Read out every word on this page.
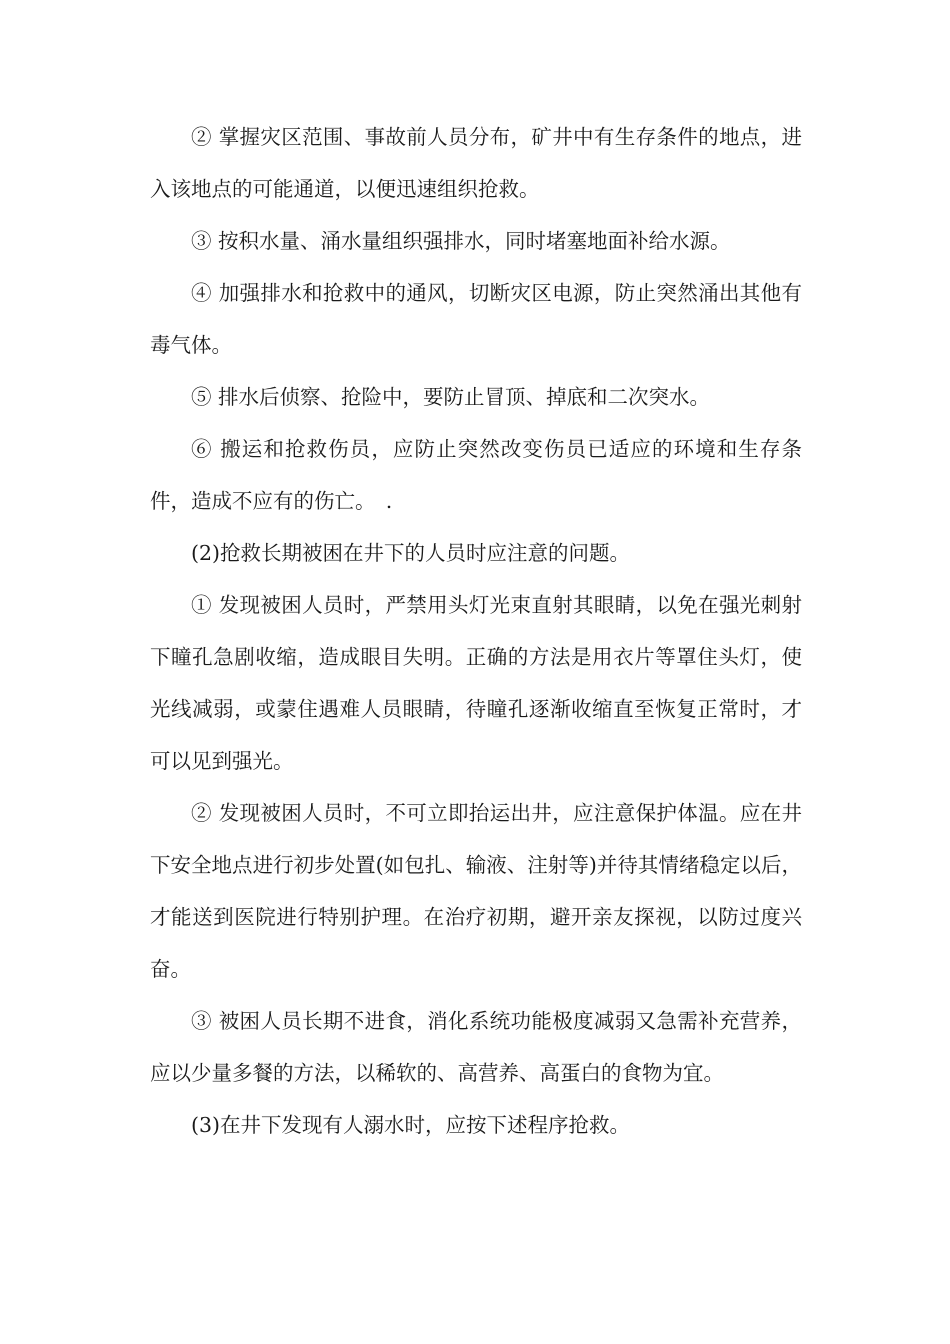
② 掌握灾区范围、事故前人员分布，矿井中有生存条件的地点，进入该地点的可能通道，以便迅速组织抢救。

③ 按积水量、涌水量组织强排水，同时堵塞地面补给水源。

④ 加强排水和抢救中的通风，切断灾区电源，防止突然涌出其他有毒气体。

⑤ 排水后侦察、抢险中，要防止冒顶、掉底和二次突水。

⑥ 搬运和抢救伤员，应防止突然改变伤员已适应的环境和生存条件，造成不应有的伤亡。　.

(2)抢救长期被困在井下的人员时应注意的问题。

① 发现被困人员时，严禁用头灯光束直射其眼睛，以免在强光刺射下瞳孔急剧收缩，造成眼目失明。正确的方法是用衣片等罩住头灯，使光线减弱，或蒙住遇难人员眼睛，待瞳孔逐渐收缩直至恢复正常时，才可以见到强光。

② 发现被困人员时，不可立即抬运出井，应注意保护体温。应在井下安全地点进行初步处置(如包扎、输液、注射等)并待其情绪稳定以后，才能送到医院进行特别护理。在治疗初期，避开亲友探视，以防过度兴奋。

③ 被困人员长期不进食，消化系统功能极度减弱又急需补充营养，应以少量多餐的方法，以稀软的、高营养、高蛋白的食物为宜。

(3)在井下发现有人溺水时，应按下述程序抢救。
